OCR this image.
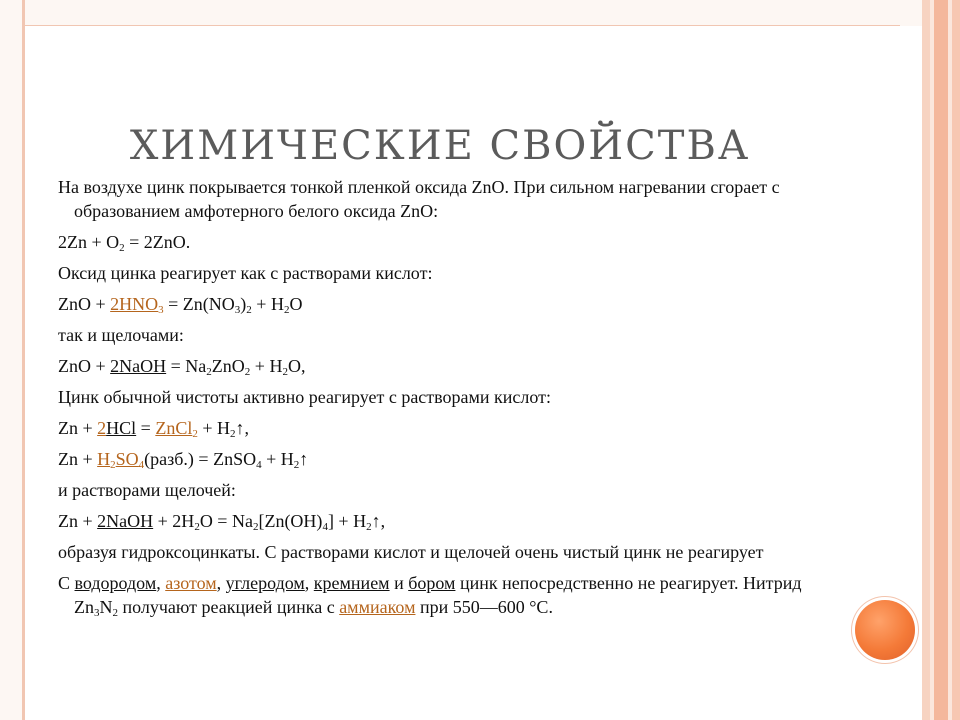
ХИМИЧЕСКИЕ СВОЙСТВА

На воздухе цинк покрывается тонкой пленкой оксида ZnO. При сильном нагревании сгорает с образованием амфотерного белого оксида ZnO:

$2Zn + O_2 = 2ZnO$.

Оксид цинка реагирует как с растворами кислот:

ZnO + $2HNO_3 = Zn(NO_3)_2 + H_2O$

так и щелочами:

ZnO + 2NaOH = $Na_2ZnO_2 + H_2O$,

Цинк обычной чистоты активно реагирует с растворами кислот:

Zn + 2HCl = ZnCl$_2$ + $H_2↑$,

$Zn + H_2SO_4(разб.)$ = ZnSO$_4$ + $H_2↑$

и растворами щелочей:

Zn + 2NaOH + $2H_2O = Na_2[Zn(OH)_4]$ + $H_2↑$,

образуя гидроксоцинкаты. С растворами кислот и щелочей очень чистый цинк не реагирует

С водородом, азотом, углеродом, кремнием и бором цинк непосредственно не реагирует. Нитрид $Zn_3N_2$ получают реакцией цинка с аммиаком при 550—600 °C.
